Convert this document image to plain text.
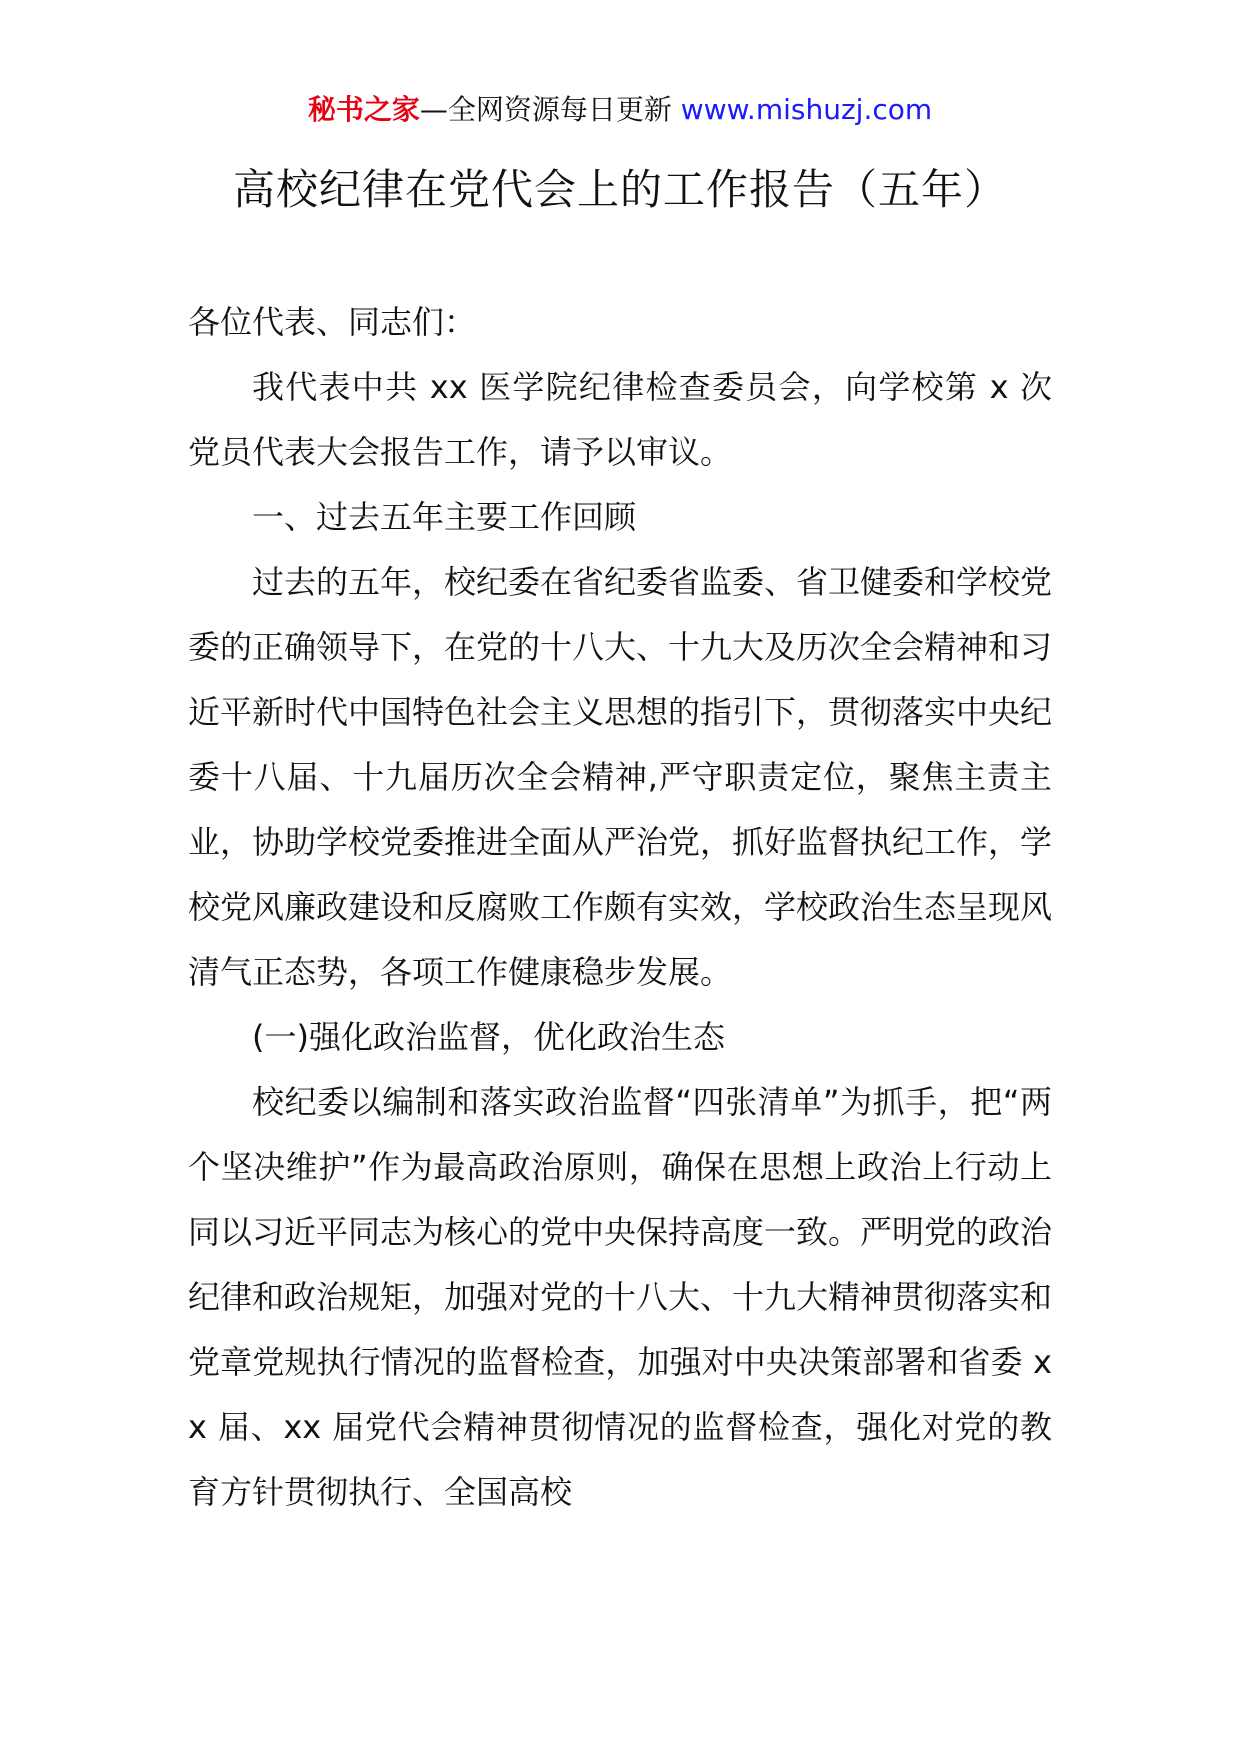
秘书之家—全网资源每日更新 www.mishuzj.com
高校纪律在党代会上的工作报告（五年）

各位代表、同志们：

我代表中共 xx 医学院纪律检查委员会，向学校第 x 次党员代表大会报告工作，请予以审议。

一、过去五年主要工作回顾

过去的五年，校纪委在省纪委省监委、省卫健委和学校党委的正确领导下，在党的十八大、十九大及历次全会精神和习近平新时代中国特色社会主义思想的指引下，贯彻落实中央纪委十八届、十九届历次全会精神,严守职责定位，聚焦主责主业，协助学校党委推进全面从严治党，抓好监督执纪工作，学校党风廉政建设和反腐败工作颇有实效，学校政治生态呈现风清气正态势，各项工作健康稳步发展。

(一)强化政治监督，优化政治生态

校纪委以编制和落实政治监督“四张清单”为抓手，把“两个坚决维护”作为最高政治原则，确保在思想上政治上行动上同以习近平同志为核心的党中央保持高度一致。严明党的政治纪律和政治规矩，加强对党的十八大、十九大精神贯彻落实和党章党规执行情况的监督检查，加强对中央决策部署和省委 xx 届、xx 届党代会精神贯彻情况的监督检查，强化对党的教育方针贯彻执行、全国高校
